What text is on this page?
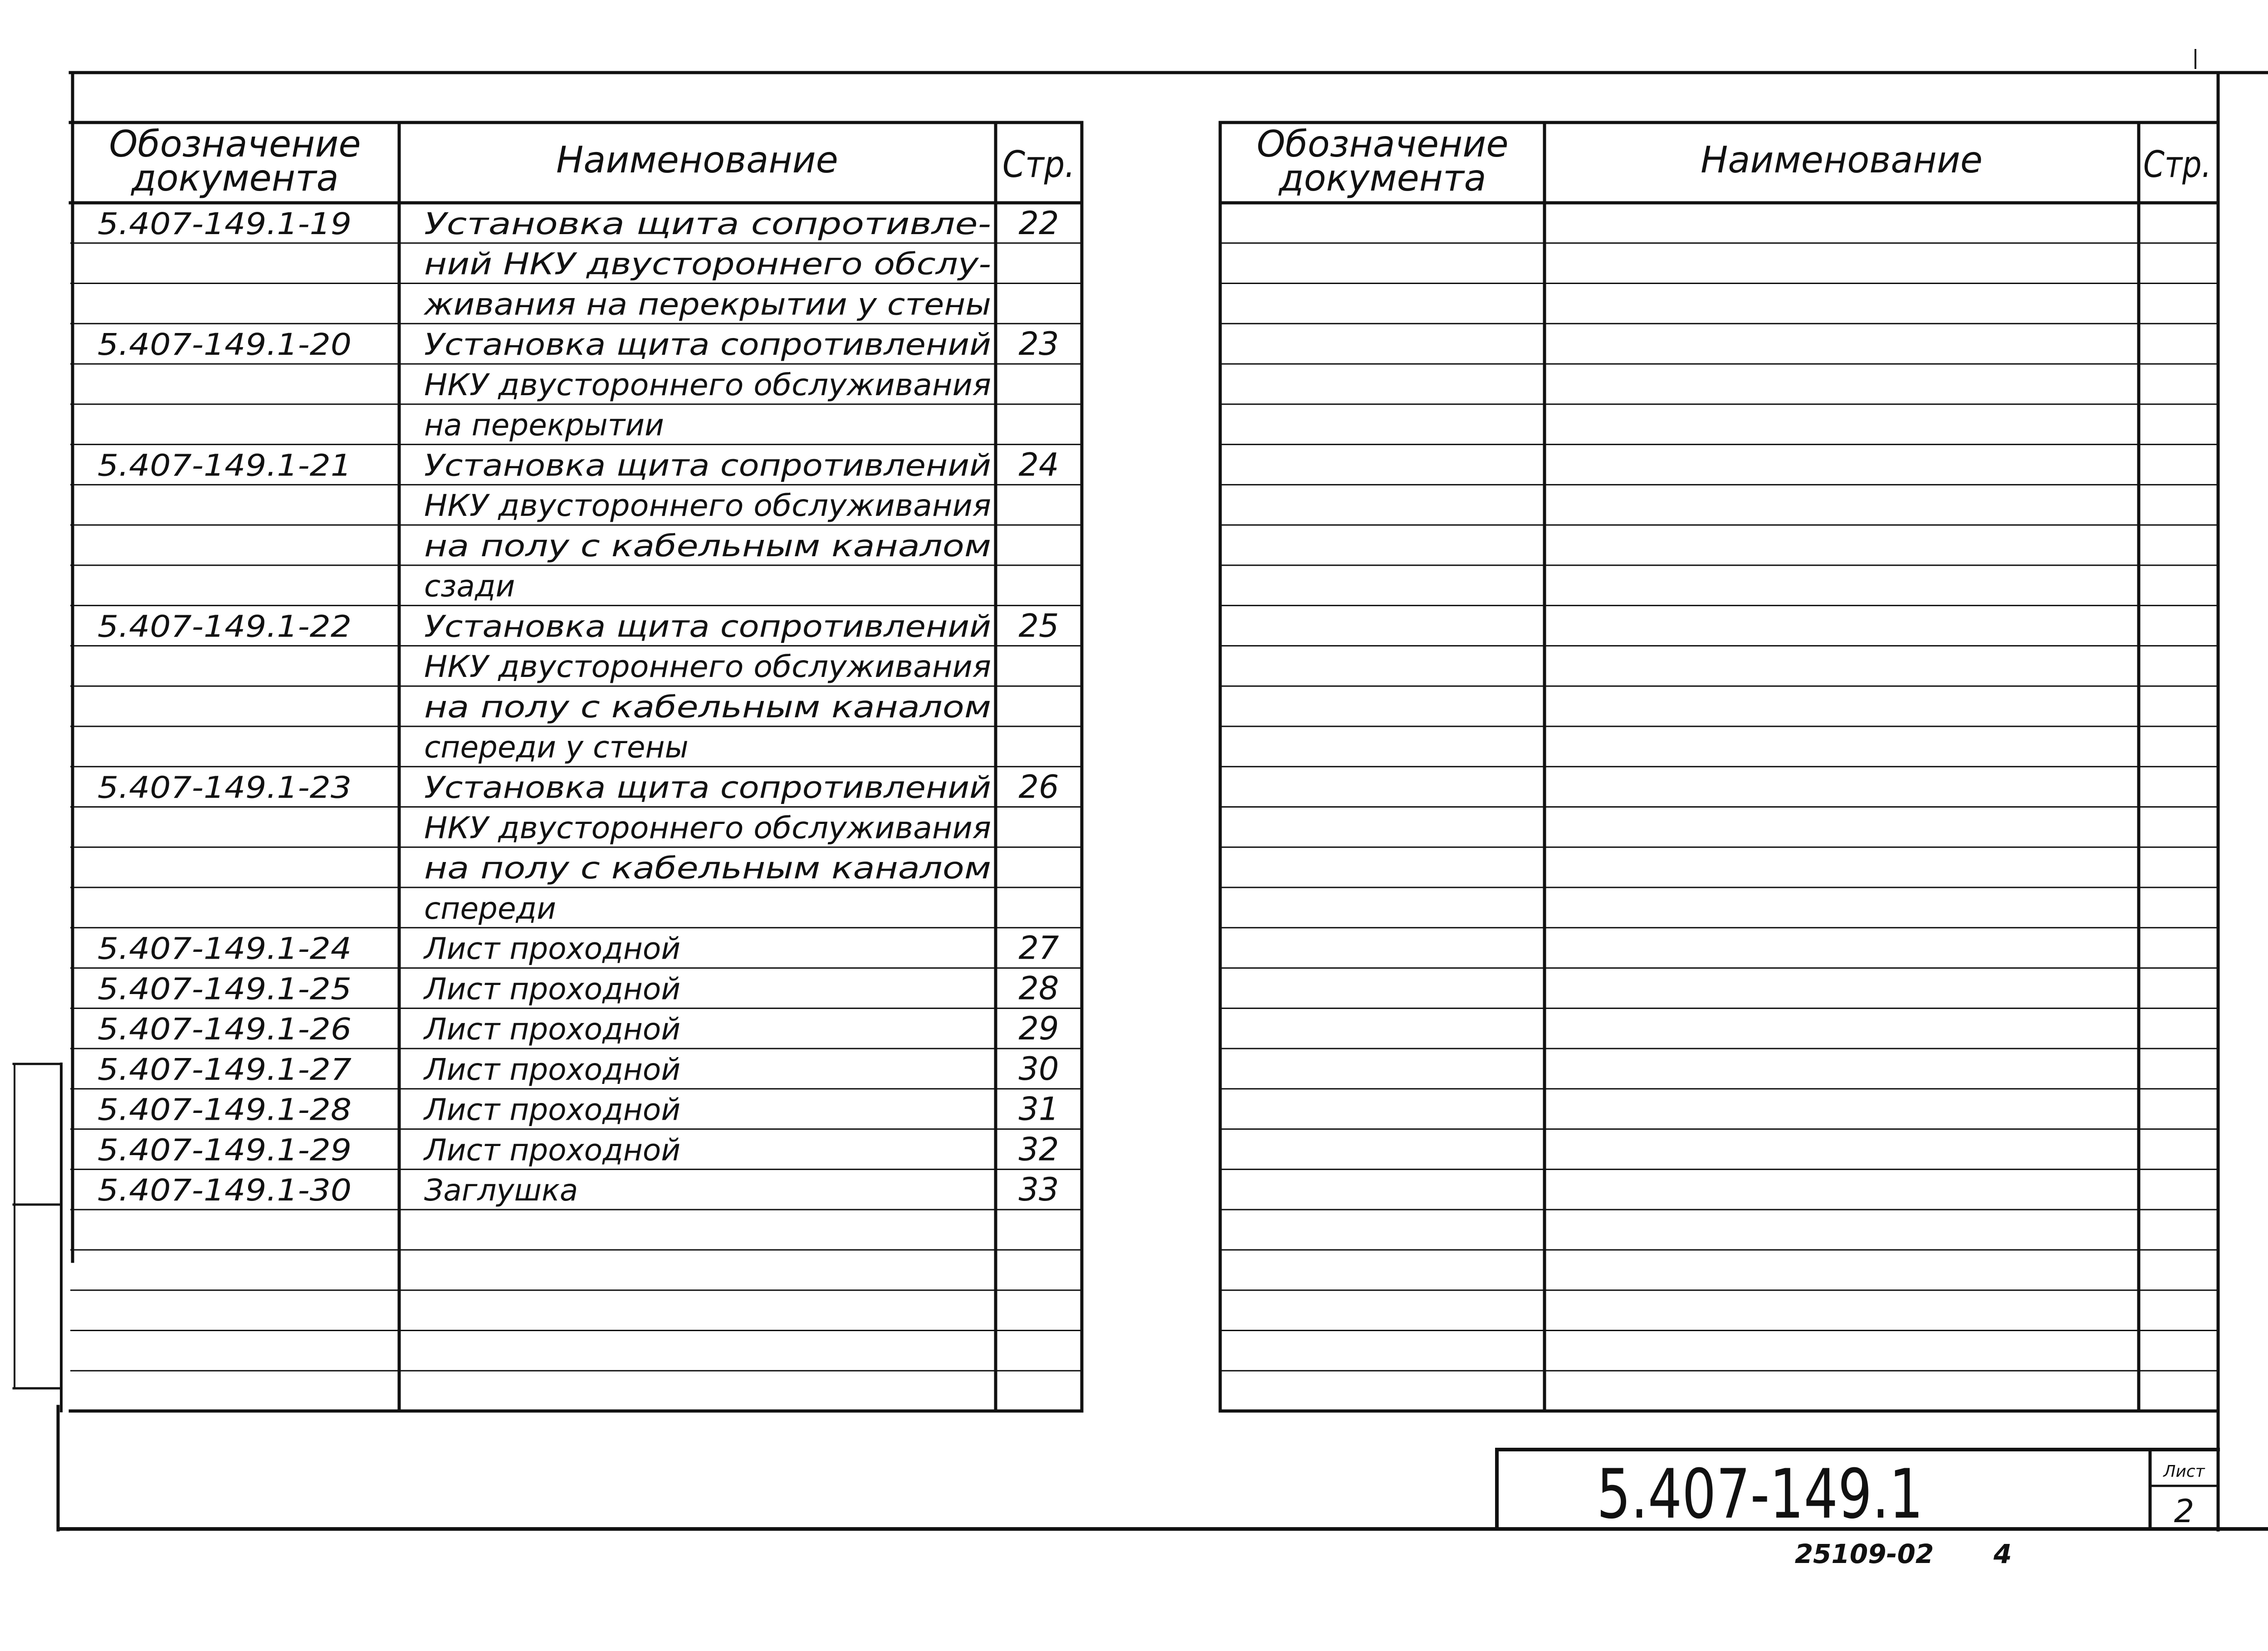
Обозначение
документа	Наименование	Стр.
5.407-149.1-19 Установка щита сопротивле- 22
ний НКУ двустороннего обслу-
живания на перекрытии у стены
5.407-149.1-20 Установка щита сопротивлений 23
НКУ двустороннего обслуживания
на перекрытии
5.407-149.1-21 Установка щита сопротивлений 24
НКУ двустороннего обслуживания
на полу с кабельным каналом
сзади
5.407-149.1-22 Установка щита сопротивлений 25
НКУ двустороннего обслуживания
на полу с кабельным каналом
спереди у стены
5.407-149.1-23 Установка щита сопротивлений 26
НКУ двустороннего обслуживания
на полу с кабельным каналом
спереди
5.407-149.1-24 Лист проходной	27
5.407-149.1-25 Лист проходной	28
5.407-149.1-26 Лист проходной	29
5.407-149.1-27 Лист проходной	30
5.407-149.1-28 Лист проходной	31
5.407-149.1-29 Лист проходной	32
5.407-149.1-30 Заглушка	33
Обозначение
документа	Наименование	Стр.
5.407-149.1	Лист
2
25109-02 4
